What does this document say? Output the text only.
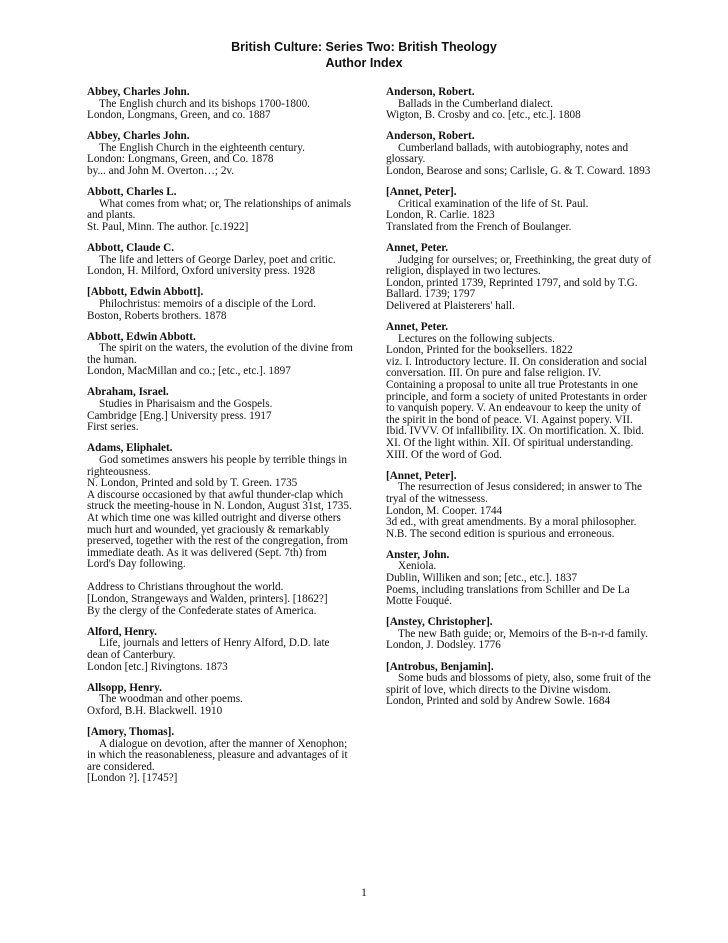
British Culture: Series Two: British Theology
Author Index
Abbey, Charles John.
The English church and its bishops 1700-1800.
London, Longmans, Green, and co. 1887
Abbey, Charles John.
The English Church in the eighteenth century.
London: Longmans, Green, and Co. 1878
by... and John M. Overton…; 2v.
Abbott, Charles L.
What comes from what; or, The relationships of animals and plants.
St. Paul, Minn. The author. [c.1922]
Abbott, Claude C.
The life and letters of George Darley, poet and critic.
London, H. Milford, Oxford university press. 1928
[Abbott, Edwin Abbott].
Philochristus: memoirs of a disciple of the Lord.
Boston, Roberts brothers. 1878
Abbott, Edwin Abbott.
The spirit on the waters, the evolution of the divine from the human.
London, MacMillan and co.; [etc., etc.]. 1897
Abraham, Israel.
Studies in Pharisaism and the Gospels.
Cambridge [Eng.] University press. 1917
First series.
Adams, Eliphalet.
God sometimes answers his people by terrible things in righteousness.
N. London, Printed and sold by T. Green. 1735
A discourse occasioned by that awful thunder-clap which struck the meeting-house in N. London, August 31st, 1735. At which time one was killed outright and diverse others much hurt and wounded, yet graciously & remarkably preserved, together with the rest of the congregation, from immediate death. As it was delivered (Sept. 7th) from Lord's Day following.
Address to Christians throughout the world.
[London, Strangeways and Walden, printers]. [1862?]
By the clergy of the Confederate states of America.
Alford, Henry.
Life, journals and letters of Henry Alford, D.D. late dean of Canterbury.
London [etc.] Rivingtons. 1873
Allsopp, Henry.
The woodman and other poems.
Oxford, B.H. Blackwell. 1910
[Amory, Thomas].
A dialogue on devotion, after the manner of Xenophon; in which the reasonableness, pleasure and advantages of it are considered.
[London ?]. [1745?]
Anderson, Robert.
Ballads in the Cumberland dialect.
Wigton, B. Crosby and co. [etc., etc.]. 1808
Anderson, Robert.
Cumberland ballads, with autobiography, notes and glossary.
London, Bearose and sons; Carlisle, G. & T. Coward. 1893
[Annet, Peter].
Critical examination of the life of St. Paul.
London, R. Carlie. 1823
Translated from the French of Boulanger.
Annet, Peter.
Judging for ourselves; or, Freethinking, the great duty of religion, displayed in two lectures.
London, printed 1739, Reprinted 1797, and sold by T.G. Ballard. 1739; 1797
Delivered at Plaisterers' hall.
Annet, Peter.
Lectures on the following subjects.
London, Printed for the booksellers. 1822
viz. I. Introductory lecture. II. On consideration and social conversation. III. On pure and false religion. IV. Containing a proposal to unite all true Protestants in one principle, and form a society of united Protestants in order to vanquish popery. V. An endeavour to keep the unity of the spirit in the bond of peace. VI. Against popery. VII. Ibid. IVVV. Of infallibility. IX. On mortification. X. Ibid. XI. Of the light within. XII. Of spiritual understanding. XIII. Of the word of God.
[Annet, Peter].
The resurrection of Jesus considered; in answer to The tryal of the witnessess.
London, M. Cooper. 1744
3d ed., with great amendments. By a moral philosopher. N.B. The second edition is spurious and erroneous.
Anster, John.
Xeniola.
Dublin, Williken and son; [etc., etc.]. 1837
Poems, including translations from Schiller and De La Motte Fouqué.
[Anstey, Christopher].
The new Bath guide; or, Memoirs of the B-n-r-d family.
London, J. Dodsley. 1776
[Antrobus, Benjamin].
Some buds and blossoms of piety, also, some fruit of the spirit of love, which directs to the Divine wisdom.
London, Printed and sold by Andrew Sowle. 1684
1
